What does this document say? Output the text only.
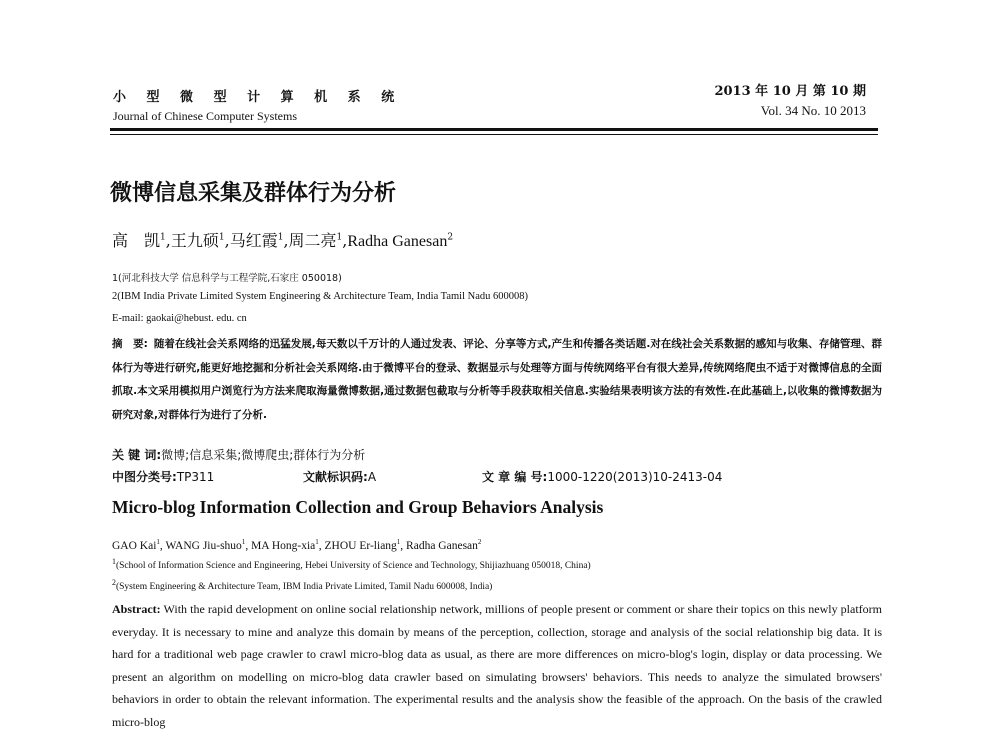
小 型 微 型 计 算 机 系 统
Journal of Chinese Computer Systems
2013 年 10 月 第 10 期
Vol. 34 No. 10 2013
微博信息采集及群体行为分析
高　凯$^1$,王九硕$^1$,马红霞$^1$,周二亮$^1$,Radha Ganesan$^2$
1(河北科技大学 信息科学与工程学院,石家庄 050018)
2(IBM India Private Limited System Engineering & Architecture Team, India Tamil Nadu 600008)
E-mail: gaokai@hebust. edu. cn
摘　要: 随着在线社会关系网络的迅猛发展,每天数以千万计的人通过发表、评论、分享等方式,产生和传播各类话题.对在线社会关系数据的感知与收集、存储管理、群体行为等进行研究,能更好地挖掘和分析社会关系网络.由于微博平台的登录、数据显示与处理等方面与传统网络平台有很大差异,传统网络爬虫不适于对微博信息的全面抓取.本文采用模拟用户浏览行为方法来爬取海量微博数据,通过数据包截取与分析等手段获取相关信息.实验结果表明该方法的有效性.在此基础上,以收集的微博数据为研究对象,对群体行为进行了分析.
关 键 词:微博;信息采集;微博爬虫;群体行为分析
中图分类号:TP311	文献标识码:A	文 章 编 号:1000-1220(2013)10-2413-04
Micro-blog Information Collection and Group Behaviors Analysis
GAO Kai$^1$, WANG Jiu-shuo$^1$, MA Hong-xia$^1$, ZHOU Er-liang$^1$, Radha Ganesan$^2$
$^1$(School of Information Science and Engineering, Hebei University of Science and Technology, Shijiazhuang 050018, China)
$^2$(System Engineering & Architecture Team, IBM India Private Limited, Tamil Nadu 600008, India)
Abstract: With the rapid development on online social relationship network, millions of people present or comment or share their topics on this newly platform everyday. It is necessary to mine and analyze this domain by means of the perception, collection, storage and analysis of the social relationship big data. It is hard for a traditional web page crawler to crawl micro-blog data as usual, as there are more differences on micro-blog's login, display or data processing. We present an algorithm on modelling on micro-blog data crawler based on simulating browsers' behaviors. This needs to analyze the simulated browsers' behaviors in order to obtain the relevant information. The experimental results and the analysis show the feasible of the approach. On the basis of the crawled micro-blog
